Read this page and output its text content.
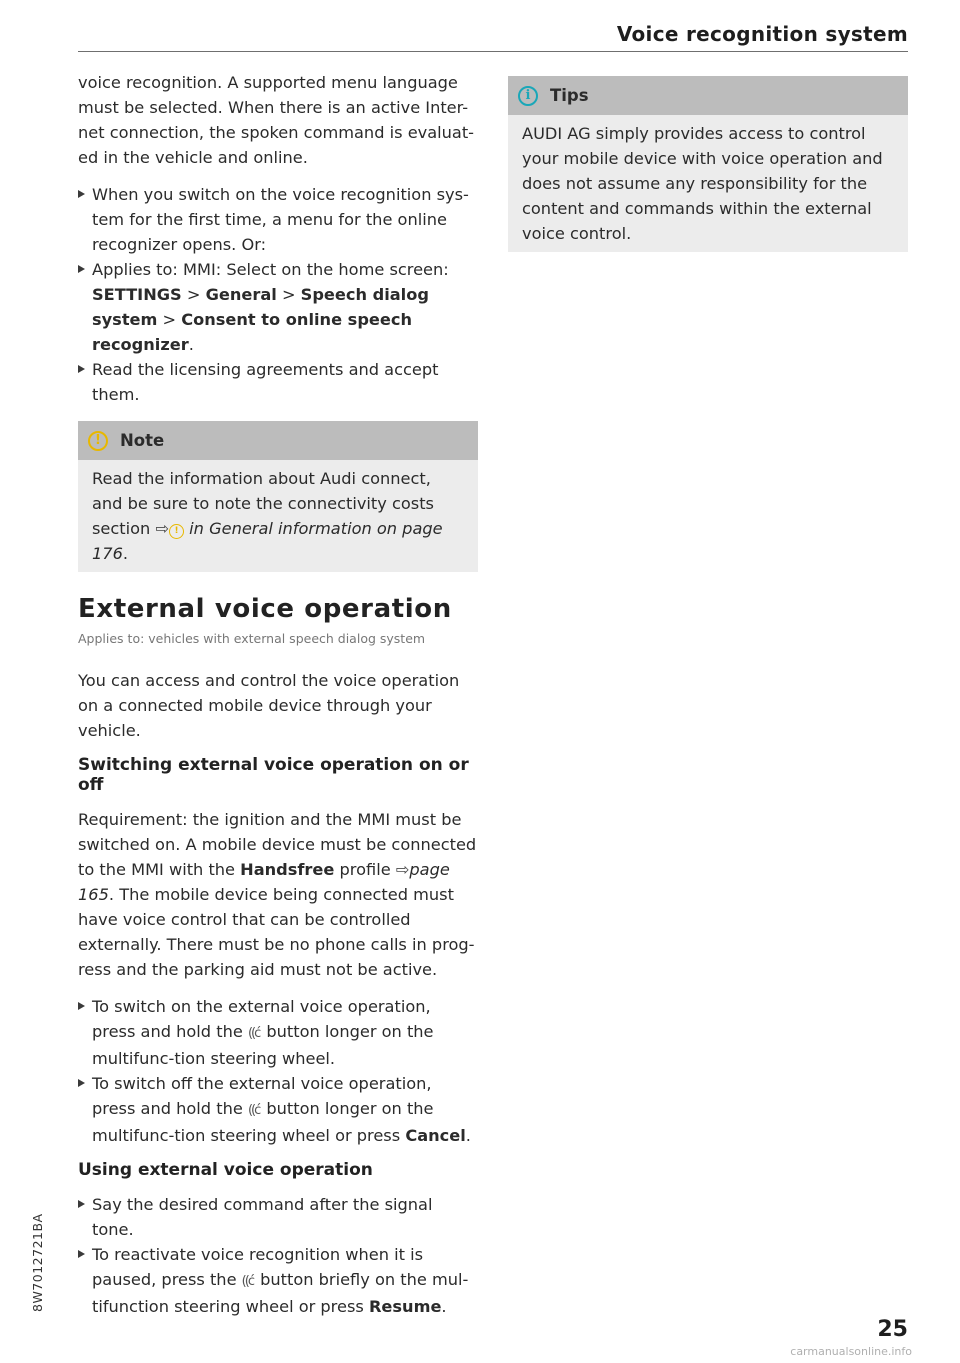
Voice recognition system

voice recognition. A supported menu language must be selected. When there is an active Inter-net connection, the spoken command is evaluat-ed in the vehicle and online.

When you switch on the voice recognition sys-tem for the first time, a menu for the online recognizer opens. Or:
Applies to: MMI: Select on the home screen: SETTINGS > General > Speech dialog system > Consent to online speech recognizer.
Read the licensing agreements and accept them.
!	Note

Read the information about Audi connect, and be sure to note the connectivity costs section ⇨ ! in General information on page 176.

External voice operation
Applies to: vehicles with external speech dialog system

You can access and control the voice operation on a connected mobile device through your vehicle.

Switching external voice operation on or off

Requirement: the ignition and the MMI must be switched on. A mobile device must be connected to the MMI with the Handsfree profile ⇨page 165. The mobile device being connected must have voice control that can be controlled externally. There must be no phone calls in prog-ress and the parking aid must not be active.

To switch on the external voice operation, press and hold the ((ć button longer on the multifunc-tion steering wheel.
To switch off the external voice operation, press and hold the ((ć button longer on the multifunc-tion steering wheel or press Cancel.
Using external voice operation
Say the desired command after the signal tone.
To reactivate voice recognition when it is paused, press the ((ć button briefly on the mul-tifunction steering wheel or press Resume.
i	Tips

AUDI AG simply provides access to control your mobile device with voice operation and does not assume any responsibility for the content and commands within the external voice control.

8W7012721BA
25
carmanualsonline.info
